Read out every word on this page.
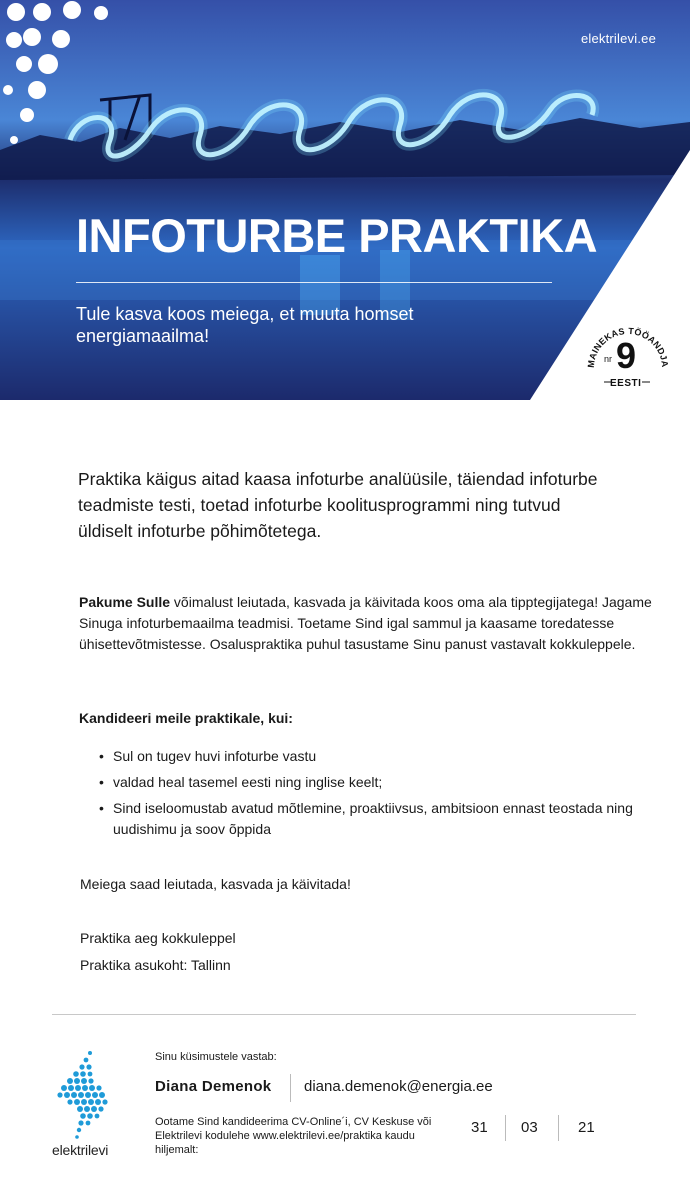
elektrilevi.ee
INFOTURBE PRAKTIKA
Tule kasva koos meiega, et muuta homset energiamaailma!
MAINEKAS TÖÖANDJA
nr 9
EESTI

Praktika käigus aitad kaasa infoturbe analüüsile, täiendad infoturbe teadmiste testi, toetad infoturbe koolitusprogrammi ning tutvud üldiselt infoturbe põhimõtetega.

Pakume Sulle võimalust leiutada, kasvada ja käivitada koos oma ala tipptegijatega! Jagame Sinuga infoturbemaailma teadmisi. Toetame Sind igal sammul ja kaasame toredatesse ühisettevõtmistesse. Osaluspraktika puhul tasustame Sinu panust vastavalt kokkuleppele.

Kandideeri meile praktikale, kui:

• Sul on tugev huvi infoturbe vastu
• valdad heal tasemel eesti ning inglise keelt;
• Sind iseloomustab avatud mõtlemine, proaktiivsus, ambitsioon ennast teostada ning uudishimu ja soov õppida
Meiega saad leiutada, kasvada ja käivitada!
Praktika aeg kokkuleppel
Praktika asukoht: Tallinn
elektrilevi
Sinu küsimustele vastab:
Diana Demenok diana.demenok@energia.ee
Ootame Sind kandideerima CV-Online´i, CV Keskuse või Elektrilevi kodulehe www.elektrilevi.ee/praktika kaudu hiljemalt:
31 03	21
